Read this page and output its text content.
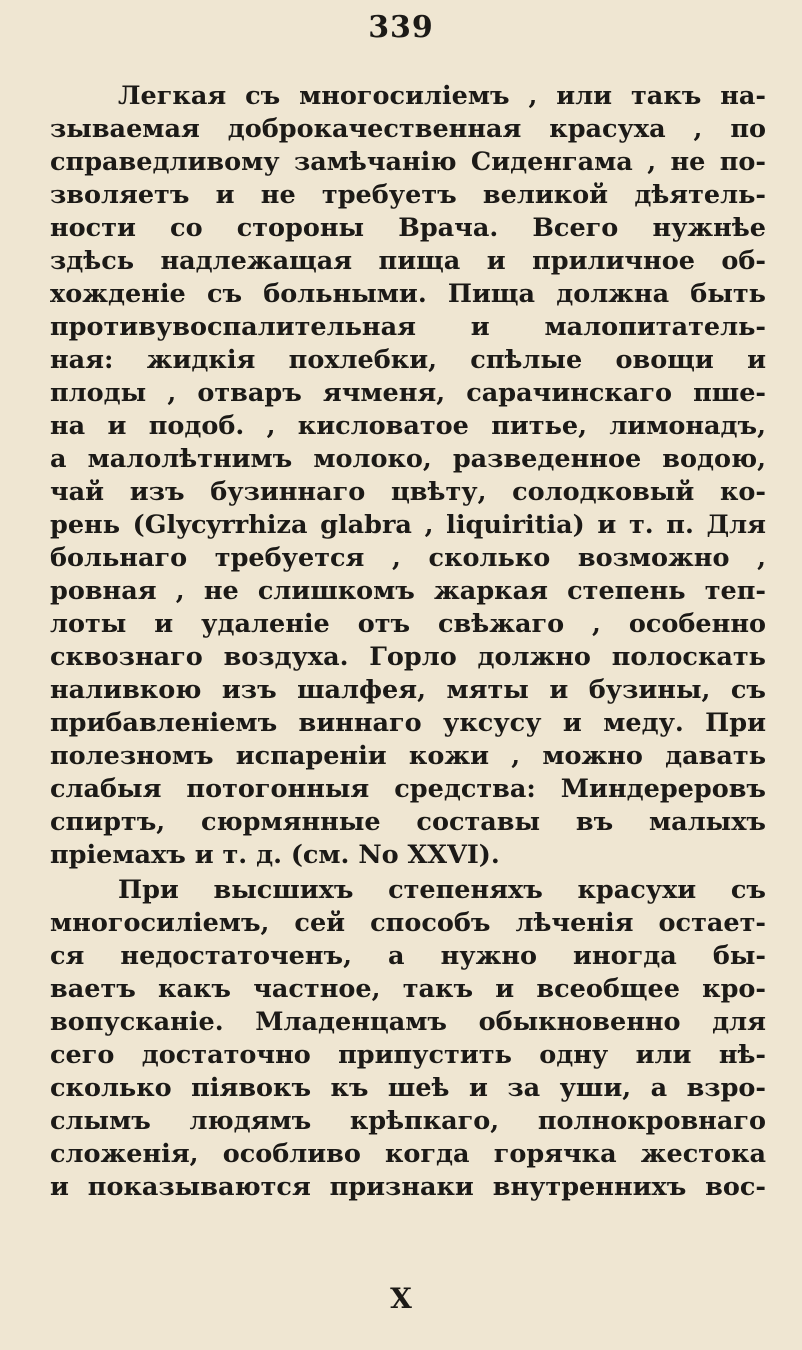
339
Легкая съ многосиліемъ , или такъ на-
зываемая доброкачественная красуха , по
справедливому замѣчанію Сиденгама , не по-
зволяетъ и не требуетъ великой дѣятель-
ности со стороны Врача. Всего нужнѣе
здѣсь надлежащая пища и приличное об-
хожденіе съ больными. Пища должна быть
противувоспалительная и малопитатель-
ная: жидкія похлебки, спѣлые овощи и
плоды , отваръ ячменя, сарачинскаго пше-
на и подоб. , кисловатое питье, лимонадъ,
а малолѣтнимъ молоко, разведенное водою,
чай изъ бузиннаго цвѣту, солодковый ко-
рень (Glycyrrhiza glabra , liquiritia) и т. п. Для
больнаго требуется , сколько возможно ,
ровная , не слишкомъ жаркая степень теп-
лоты и удаленіе отъ свѣжаго , особенно
сквознаго воздуха. Горло должно полоскать
наливкою изъ шалфея, мяты и бузины, съ
прибавленіемъ виннаго уксусу и меду. При
полезномъ испареніи кожи , можно давать
слабыя потогонныя средства: Миндереровъ
спиртъ, сюрмянные составы въ малыхъ
пріемахъ и т. д. (см. No XXVI).
При высшихъ степеняхъ красухи съ
многосиліемъ, сей способъ лѣченія остает-
ся недостаточенъ, а нужно иногда бы-
ваетъ какъ частное, такъ и всеобщее кро-
вопусканіе. Младенцамъ обыкновенно для
сего достаточно припустить одну или нѣ-
сколько піявокъ къ шеѣ и за уши, а взро-
слымъ людямъ крѣпкаго, полнокровнаго
сложенія, особливо когда горячка жестока
и показываются признаки внутреннихъ вос-
X
